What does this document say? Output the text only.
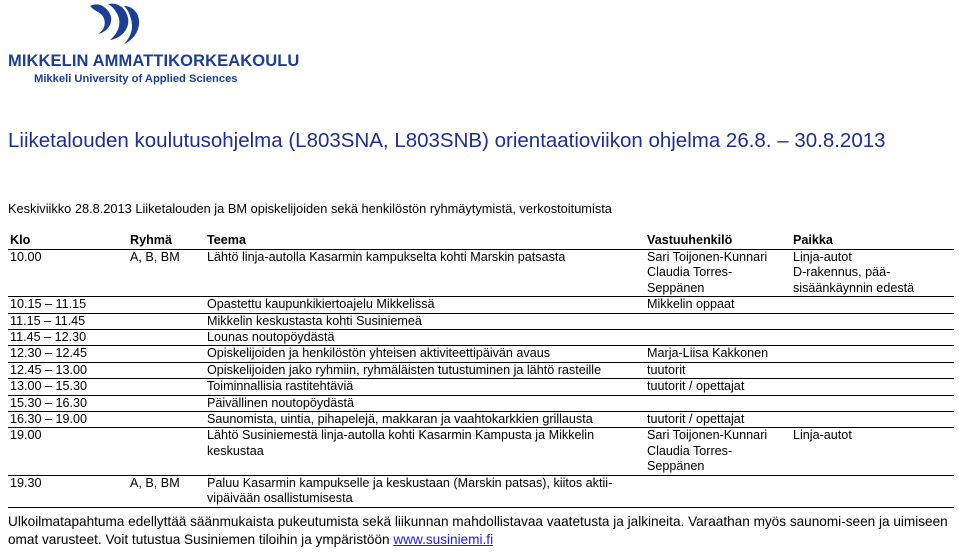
MIKKELIN AMMATTIKORKEAKOULU
Mikkeli University of Applied Sciences
Liiketalouden koulutusohjelma (L803SNA, L803SNB) orientaatioviikon ohjelma 26.8. – 30.8.2013
Keskiviikko 28.8.2013 Liiketalouden ja BM opiskelijoiden sekä henkilöstön ryhmäytymistä, verkostoitumista
Klo	Ryhmä	Teema	Vastuuhenkilö	Paikka
10.00	A, B, BM	Lähtö linja-autolla Kasarmin kampukselta kohti Marskin patsasta	Sari Toijonen-Kunnari	Linja-autot
			Claudia Torres-	D-rakennus, pää-
			Seppänen	sisäänkäynnin edestä
10.15 – 11.15		Opastettu kaupunkikiertoajelu Mikkelissä	Mikkelin oppaat	
11.15 – 11.45		Mikkelin keskustasta kohti Susiniemeä		
11.45 – 12.30		Lounas noutopöydästä		
12.30 – 12.45		Opiskelijoiden ja henkilöstön yhteisen aktiviteettipäivän avaus	Marja-Liisa Kakkonen	
12.45 – 13.00		Opiskelijoiden jako ryhmiin, ryhmäläisten tutustuminen ja lähtö rasteille	tuutorit	
13.00 – 15.30		Toiminnallisia rastitehtäviä	tuutorit / opettajat	
15.30 – 16.30		Päivällinen noutopöydästä		
16.30 – 19.00		Saunomista, uintia, pihapelejä, makkaran ja vaahtokarkkien grillausta	tuutorit / opettajat	
19.00		Lähtö Susiniemestä linja-autolla kohti Kasarmin Kampusta ja Mikkelin	Sari Toijonen-Kunnari	Linja-autot
		keskustaa	Claudia Torres-	
			Seppänen	
19.30	A, B, BM	Paluu Kasarmin kampukselle ja keskustaan (Marskin patsas), kiitos aktii-		
		vipäivään osallistumisesta		
Ulkoilmatapahtuma edellyttää säänmukaista pukeutumista sekä liikunnan mahdollistavaa vaatetusta ja jalkineita. Varaathan myös saunomi-seen ja uimiseen omat varusteet. Voit tutustua Susiniemen tiloihin ja ympäristöön www.susiniemi.fi
